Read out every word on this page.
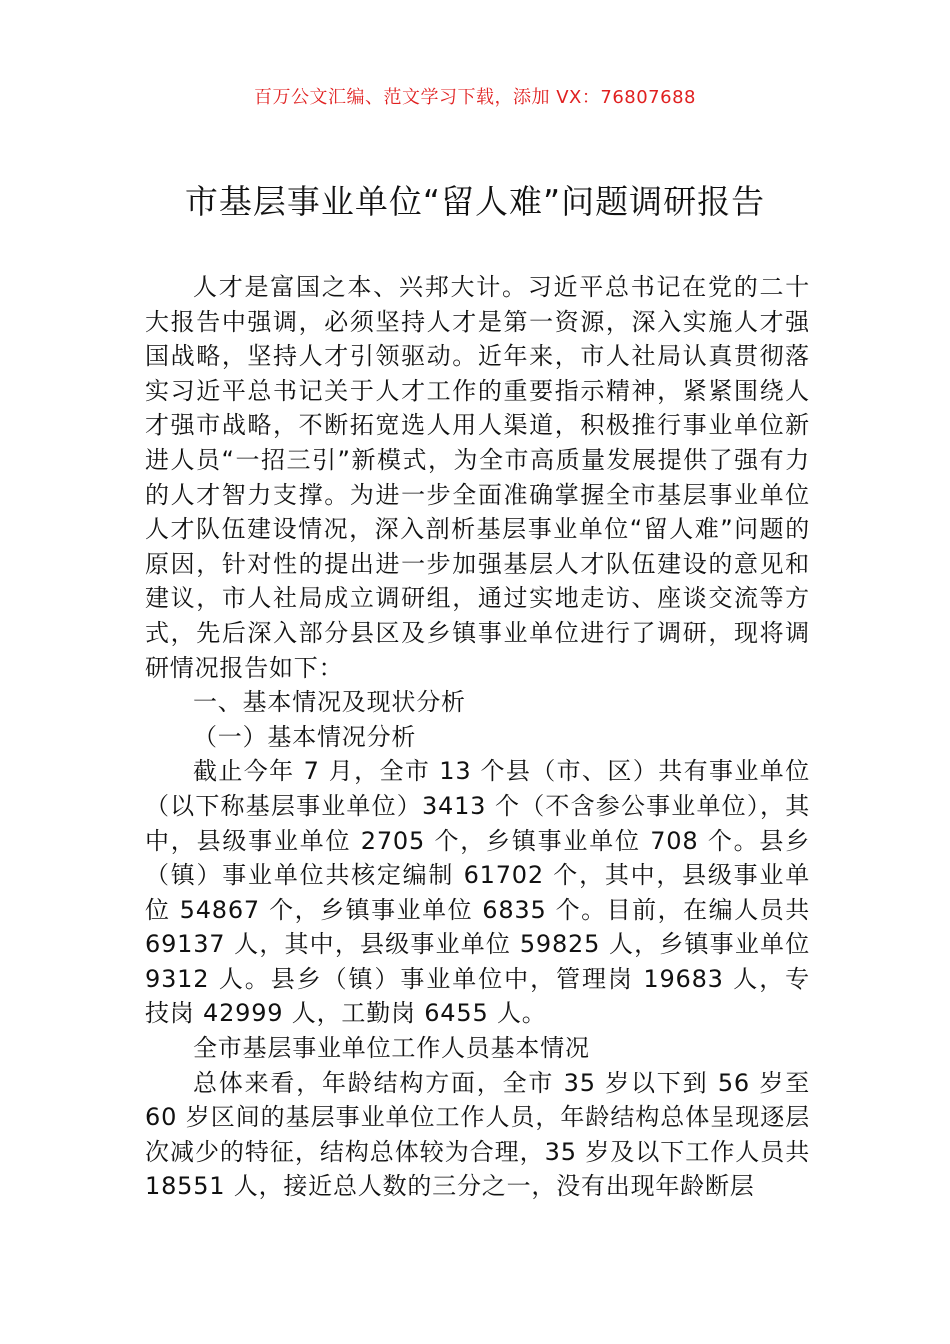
百万公文汇编、范文学习下载，添加 VX：76807688
市基层事业单位“留人难”问题调研报告

人才是富国之本、兴邦大计。习近平总书记在党的二十大报告中强调，必须坚持人才是第一资源，深入实施人才强国战略，坚持人才引领驱动。近年来，市人社局认真贯彻落实习近平总书记关于人才工作的重要指示精神，紧紧围绕人才强市战略，不断拓宽选人用人渠道，积极推行事业单位新进人员“一招三引”新模式，为全市高质量发展提供了强有力的人才智力支撑。为进一步全面准确掌握全市基层事业单位人才队伍建设情况，深入剖析基层事业单位“留人难”问题的原因，针对性的提出进一步加强基层人才队伍建设的意见和建议，市人社局成立调研组，通过实地走访、座谈交流等方式，先后深入部分县区及乡镇事业单位进行了调研，现将调研情况报告如下：

一、基本情况及现状分析

（一）基本情况分析

截止今年 7 月，全市 13 个县（市、区）共有事业单位（以下称基层事业单位）3413 个（不含参公事业单位），其中，县级事业单位 2705 个，乡镇事业单位 708 个。县乡（镇）事业单位共核定编制 61702 个，其中，县级事业单位 54867 个，乡镇事业单位 6835 个。目前，在编人员共 69137 人，其中，县级事业单位 59825 人，乡镇事业单位 9312 人。县乡（镇）事业单位中，管理岗 19683 人，专技岗 42999 人，工勤岗 6455 人。

全市基层事业单位工作人员基本情况

总体来看，年龄结构方面，全市 35 岁以下到 56 岁至 60 岁区间的基层事业单位工作人员，年龄结构总体呈现逐层次减少的特征，结构总体较为合理，35 岁及以下工作人员共 18551 人，接近总人数的三分之一，没有出现年龄断层
